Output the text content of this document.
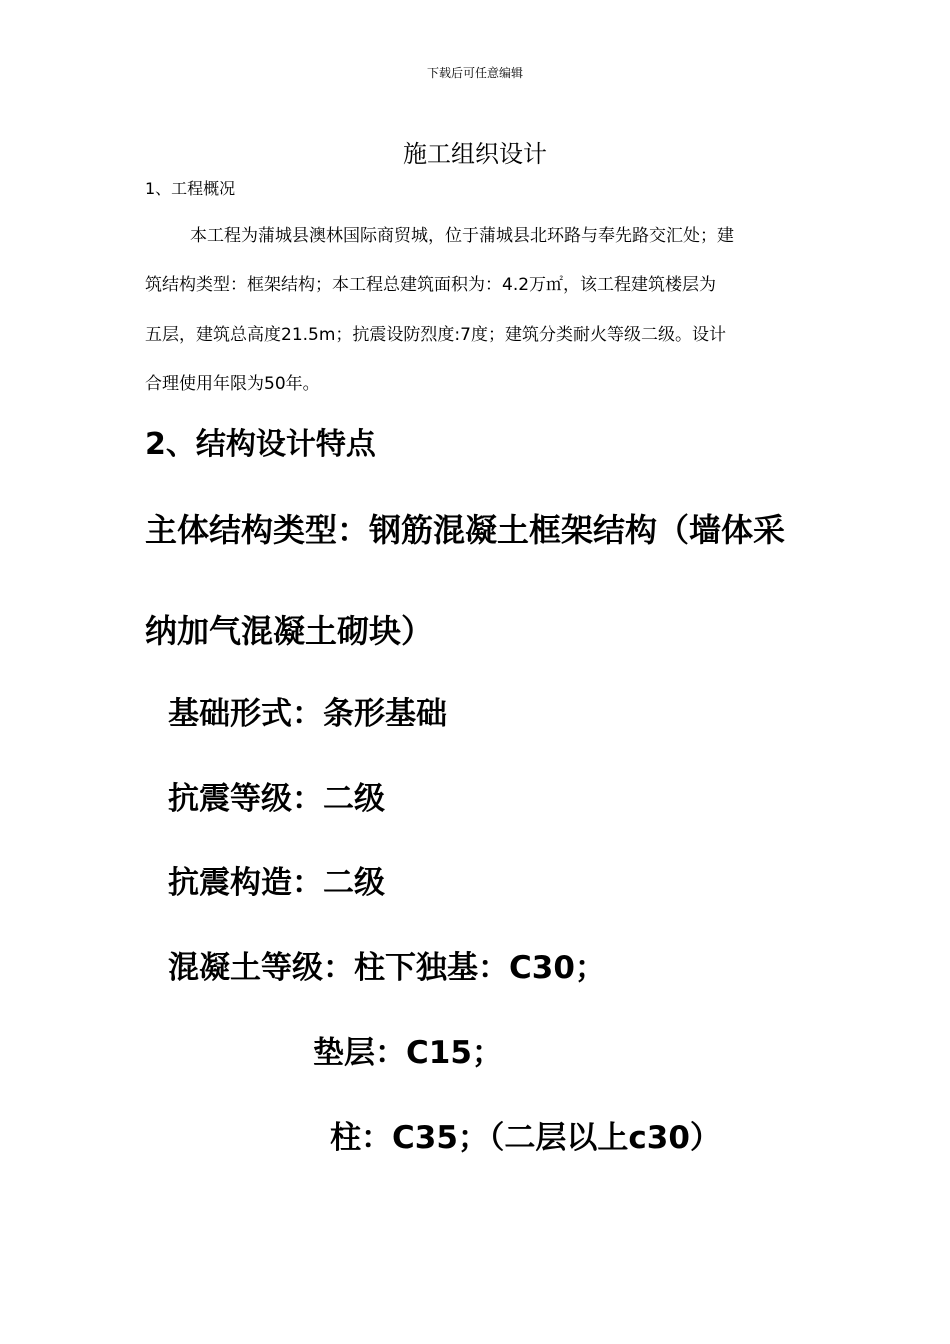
下载后可任意编辑
施工组织设计
1、工程概况
本工程为蒲城县澳林国际商贸城，位于蒲城县北环路与奉先路交汇处；建
筑结构类型：框架结构；本工程总建筑面积为：4.2万㎡，该工程建筑楼层为
五层，建筑总高度21.5m；抗震设防烈度:7度；建筑分类耐火等级二级。设计
合理使用年限为50年。
2、结构设计特点
主体结构类型：钢筋混凝土框架结构（墙体采
纳加气混凝土砌块）
基础形式：条形基础
抗震等级：二级
抗震构造：二级
混凝土等级：柱下独基：C30；
垫层：C15；
柱：C35；（二层以上c30）
